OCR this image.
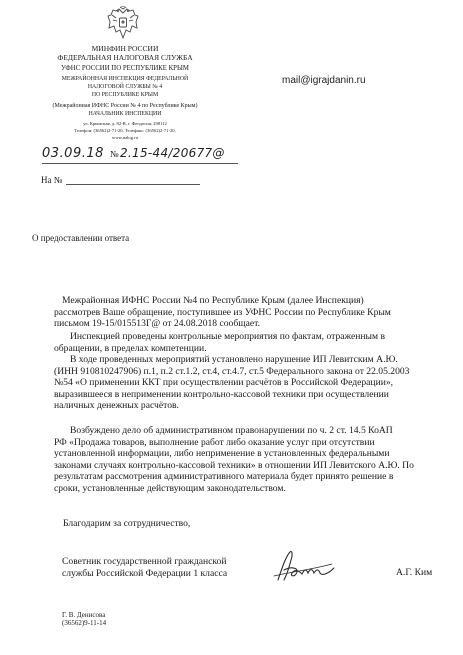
МИНФИН РОССИИ
ФЕДЕРАЛЬНАЯ НАЛОГОВАЯ СЛУЖБА
УФНС РОССИИ ПО РЕСПУБЛИКЕ КРЫМ
МЕЖРАЙОННАЯ ИНСПЕКЦИЯ ФЕДЕРАЛЬНОЙ
НАЛОГОВОЙ СЛУЖБЫ № 4
ПО РЕСПУБЛИКЕ КРЫМ
(Межрайонная ИФНС России № 4 по Республике Крым)
НАЧАЛЬНИК ИНСПЕКЦИИ
ул. Крымская, д. 82-В, г. Феодосия, 298112
Телефон: (36562)2-71-20, Телефакс: (36562)2-71-20,
www.nalog.ru
mail@igrajdanin.ru
03.09.18 № 2.15-44/20677@
На №
О предоставлении ответа
Межрайонная ИФНС России №4 по Республике Крым (далее Инспекция)
рассмотрев Ваше обращение, поступившее из УФНС России по Республике Крым
письмом 19-15/015513Г@ от 24.08.2018 сообщает.
Инспекцией проведены контрольные мероприятия по фактам, отраженным в
обращении, в пределах компетенции.
В ходе проведенных мероприятий установлено нарушение ИП Левитским А.Ю.
(ИНН 910810247906) п.1, п.2 ст.1.2, ст.4, ст.4.7, ст.5 Федерального закона от 22.05.2003
№54 «О применении ККТ при осуществлении расчётов в Российской Федерации»,
выразившееся в неприменении контрольно-кассовой техники при осуществлении
наличных денежных расчётов.
Возбуждено дело об административном правонарушении по ч. 2 ст. 14.5 КоАП
РФ «Продажа товаров, выполнение работ либо оказание услуг при отсутствии
установленной информации, либо неприменение в установленных федеральными
законами случаях контрольно-кассовой техники» в отношении ИП Левитского А.Ю. По
результатам рассмотрения административного материала будет принято решение в
сроки, установленные действующим законодательством.
Благодарим за сотрудничество,
Советник государственной гражданской
службы Российской Федерации 1 класса	А.Г. Ким
Г. В. Денисова
(36562)9-11-14
